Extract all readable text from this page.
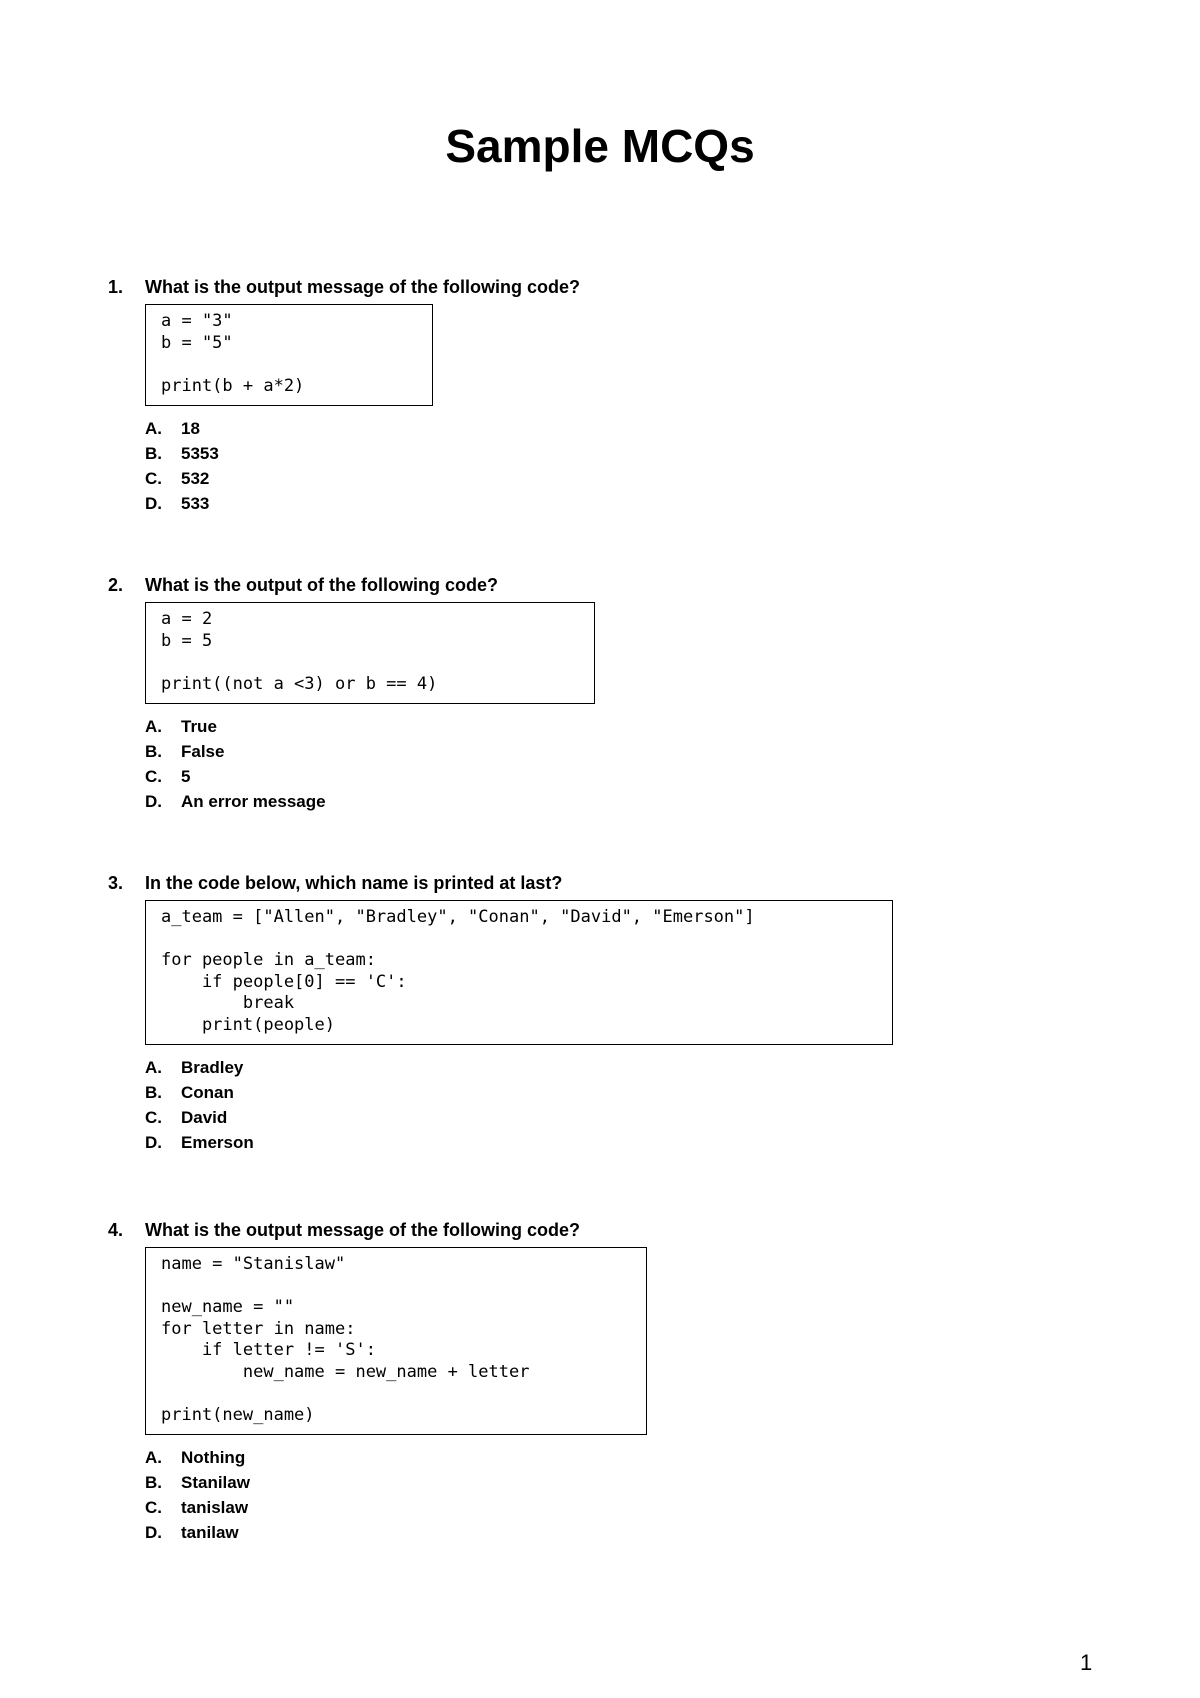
Sample MCQs
1.	What is the output message of the following code?
a = "3"
b = "5"
print(b + a*2)
A.	18
B.	5353
C.	532
D.	533
2.	What is the output of the following code?
a = 2
b = 5
print((not a <3) or b == 4)
A.	True
B.	False
C.	5
D.	An error message
3.	In the code below, which name is printed at last?
a_team = ["Allen", "Bradley", "Conan", "David", "Emerson"]
for people in a_team:
if people[0] == 'C':
break
print(people)
A.	Bradley
B.	Conan
C.	David
D.	Emerson
4.	What is the output message of the following code?
name = "Stanislaw"
new_name = ""
for letter in name:
if letter != 'S':
new_name = new_name + letter
print(new_name)
A.	Nothing
B.	Stanilaw
C.	tanislaw
D.	tanilaw
1
